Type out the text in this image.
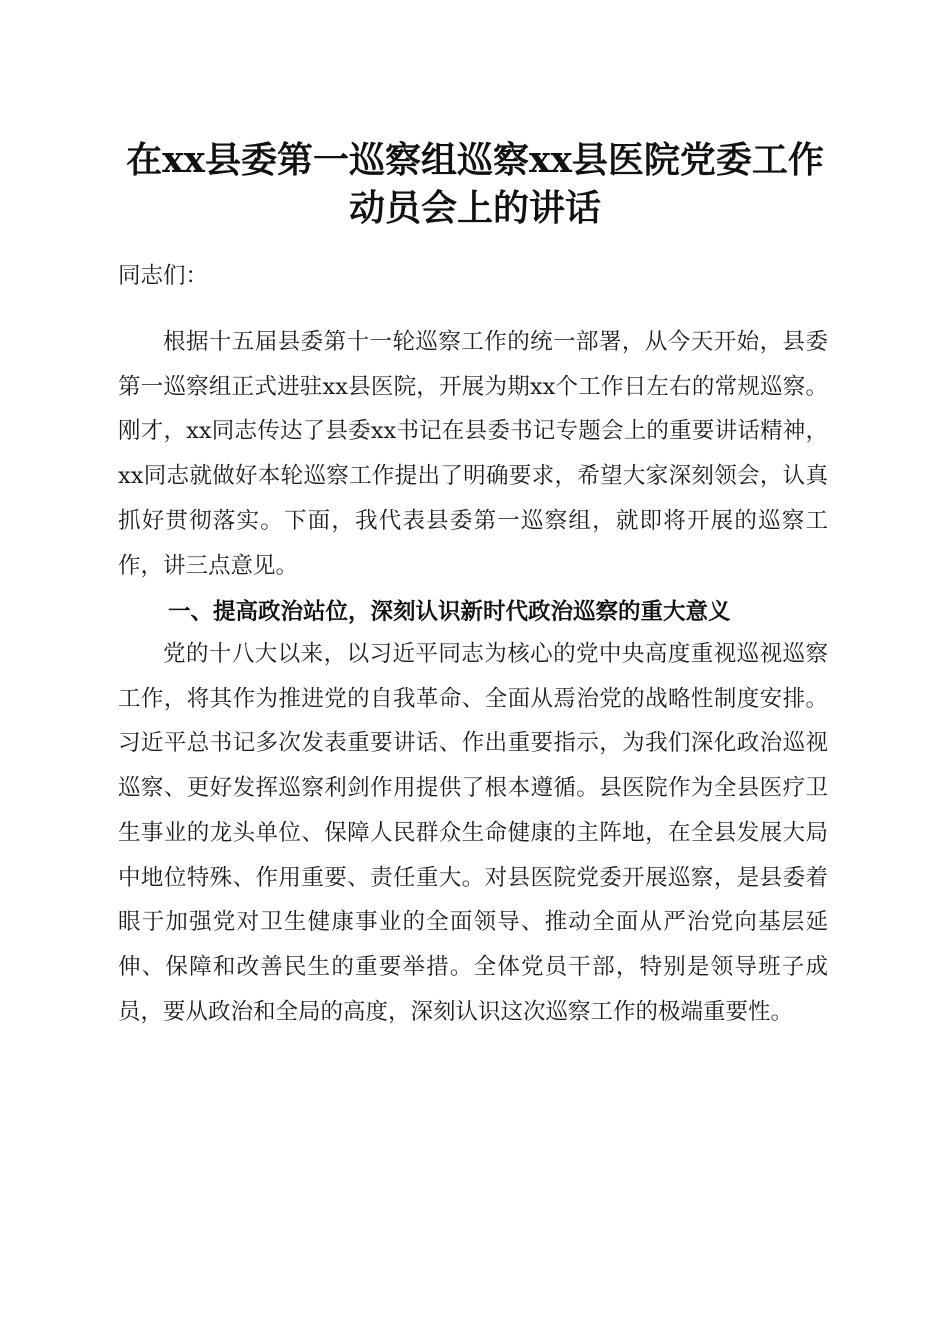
在xx县委第一巡察组巡察xx县医院党委工作
动员会上的讲话
同志们：
根据十五届县委第十一轮巡察工作的统一部署，从今天开始，县委第一巡察组正式进驻xx县医院，开展为期xx个工作日左右的常规巡察。刚才，xx同志传达了县委xx书记在县委书记专题会上的重要讲话精神，xx同志就做好本轮巡察工作提出了明确要求，希望大家深刻领会，认真抓好贯彻落实。下面，我代表县委第一巡察组，就即将开展的巡察工作，讲三点意见。
一、提高政治站位，深刻认识新时代政治巡察的重大意义
党的十八大以来，以习近平同志为核心的党中央高度重视巡视巡察工作，将其作为推进党的自我革命、全面从焉治党的战略性制度安排。习近平总书记多次发表重要讲话、作出重要指示，为我们深化政治巡视巡察、更好发挥巡察利剑作用提供了根本遵循。县医院作为全县医疗卫生事业的龙头单位、保障人民群众生命健康的主阵地，在全县发展大局中地位特殊、作用重要、责任重大。对县医院党委开展巡察，是县委着眼于加强党对卫生健康事业的全面领导、推动全面从严治党向基层延伸、保障和改善民生的重要举措。全体党员干部，特别是领导班子成员，要从政治和全局的高度，深刻认识这次巡察工作的极端重要性。
